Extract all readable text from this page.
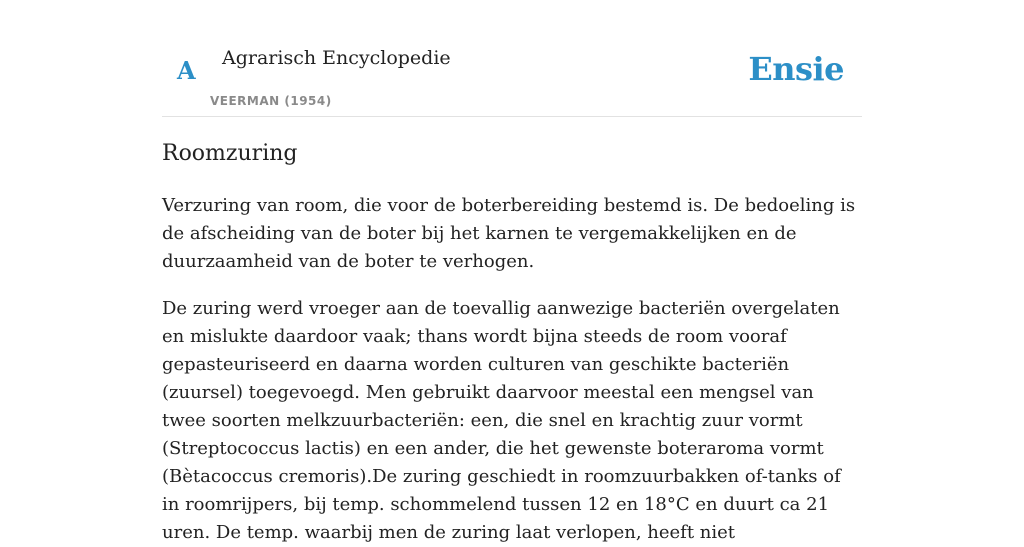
A Agrarisch Encyclopedie
VEERMAN (1954)
Ensie
Roomzuring

Verzuring van room, die voor de boterbereiding bestemd is. De bedoeling is de afscheiding van de boter bij het karnen te vergemakkelijken en de duurzaamheid van de boter te verhogen.

De zuring werd vroeger aan de toevallig aanwezige bacteriën overgelaten en mislukte daardoor vaak; thans wordt bijna steeds de room vooraf gepasteuriseerd en daarna worden culturen van geschikte bacteriën (zuursel) toegevoegd. Men gebruikt daarvoor meestal een mengsel van twee soorten melkzuurbacteriën: een, die snel en krachtig zuur vormt (Streptococcus lactis) en een ander, die het gewenste boteraroma vormt (Bètacoccus cremoris).De zuring geschiedt in roomzuurbakken of-tanks of in roomrijpers, bij temp. schommelend tussen 12 en 18°C en duurt ca 21 uren. De temp. waarbij men de zuring laat verlopen, heeft niet
